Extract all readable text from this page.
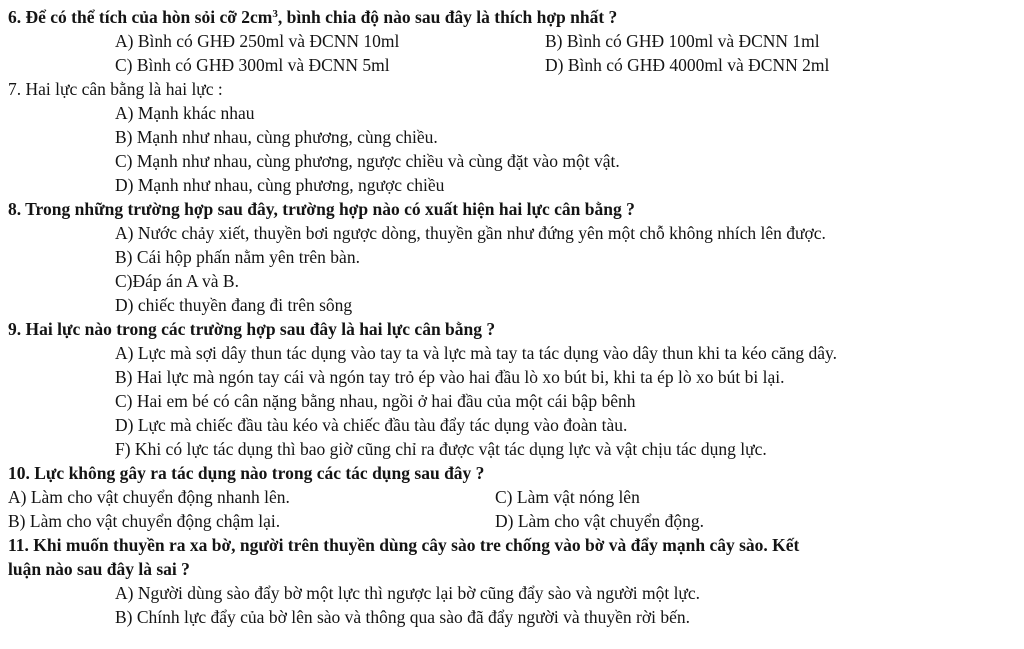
6. Để có thể tích của hòn sỏi cỡ $2cm^3$, bình chia độ nào sau đây là thích hợp nhất ?
A) Bình có GHĐ 250ml và ĐCNN 10ml	B) Bình có GHĐ 100ml và ĐCNN 1ml
C) Bình có GHĐ 300ml và ĐCNN 5ml	D) Bình có GHĐ 4000ml và ĐCNN 2ml
7. Hai lực cân bằng là hai lực :
A) Mạnh khác nhau
B) Mạnh như nhau, cùng phương, cùng chiều.
C) Mạnh như nhau, cùng phương, ngược chiều và cùng đặt vào một vật.
D) Mạnh như nhau, cùng phương, ngược chiều
8. Trong những trường hợp sau đây, trường hợp nào có xuất hiện hai lực cân bằng ?
A) Nước chảy xiết, thuyền bơi ngược dòng, thuyền gần như đứng yên một chỗ không nhích lên được.
B) Cái hộp phấn nằm yên trên bàn.
C)Đáp án A và B.
D) chiếc thuyền đang đi trên sông
9. Hai lực nào trong các trường hợp sau đây là hai lực cân bằng ?
A) Lực mà sợi dây thun tác dụng vào tay ta và lực mà tay ta tác dụng vào dây thun khi ta kéo căng dây.
B) Hai lực mà ngón tay cái và ngón tay trỏ ép vào hai đầu lò xo bút bi, khi ta ép lò xo bút bi lại.
C) Hai em bé có cân nặng bằng nhau, ngồi ở hai đầu của một cái bập bênh
D) Lực mà chiếc đầu tàu kéo và chiếc đầu tàu đẩy tác dụng vào đoàn tàu.
F) Khi có lực tác dụng thì bao giờ cũng chỉ ra được vật tác dụng lực và vật chịu tác dụng lực.
10. Lực không gây ra tác dụng nào trong các tác dụng sau đây ?
A) Làm cho vật chuyển động nhanh lên.	C) Làm vật nóng lên
B) Làm cho vật chuyển động chậm lại.	D) Làm cho vật chuyển động.
11. Khi muốn thuyền ra xa bờ, người trên thuyền dùng cây sào tre chống vào bờ và đẩy mạnh cây sào. Kết
luận nào sau đây là sai ?
A) Người dùng sào đẩy bờ một lực thì ngược lại bờ cũng đẩy sào và người một lực.
B) Chính lực đẩy của bờ lên sào và thông qua sào đã đẩy người và thuyền rời bến.
